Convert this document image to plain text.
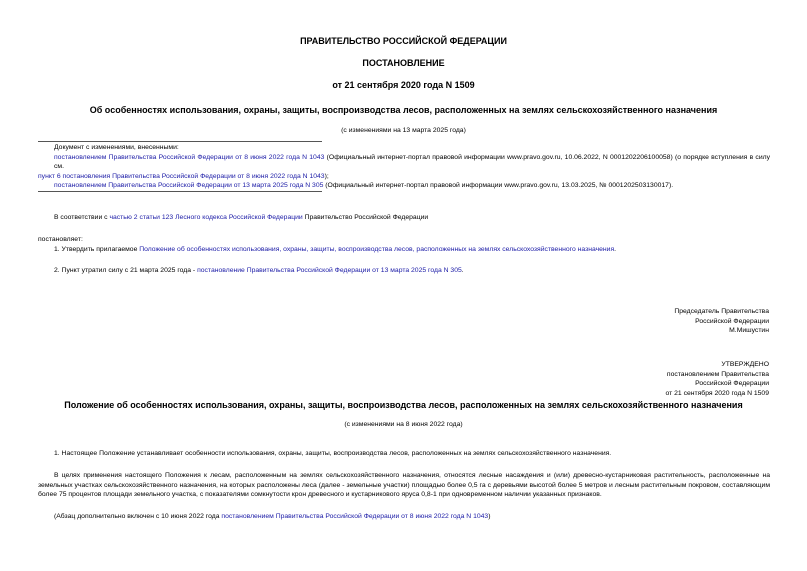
ПРАВИТЕЛЬСТВО РОССИЙСКОЙ ФЕДЕРАЦИИ
ПОСТАНОВЛЕНИЕ
от 21 сентября 2020 года N 1509
Об особенностях использования, охраны, защиты, воспроизводства лесов, расположенных на землях сельскохозяйственного назначения
(с изменениями на 13 марта 2025 года)
Документ с изменениями, внесенными:
постановлением Правительства Российской Федерации от 8 июня 2022 года N 1043 (Официальный интернет-портал правовой информации www.pravo.gov.ru, 10.06.2022, N 0001202206100058) (о порядке вступления в силу см.
пункт 6 постановления Правительства Российской Федерации от 8 июня 2022 года N 1043);
постановлением Правительства Российской Федерации от 13 марта 2025 года N 305 (Официальный интернет-портал правовой информации www.pravo.gov.ru, 13.03.2025, № 0001202503130017).
В соответствии с частью 2 статьи 123 Лесного кодекса Российской Федерации Правительство Российской Федерации
постановляет:
1. Утвердить прилагаемое Положение об особенностях использования, охраны, защиты, воспроизводства лесов, расположенных на землях сельскохозяйственного назначения.
2. Пункт утратил силу с 21 марта 2025 года - постановление Правительства Российской Федерации от 13 марта 2025 года N 305.
Председатель Правительства
Российской Федерации
М.Мишустин
УТВЕРЖДЕНО
постановлением Правительства
Российской Федерации
от 21 сентября 2020 года N 1509
Положение об особенностях использования, охраны, защиты, воспроизводства лесов, расположенных на землях сельскохозяйственного назначения
(с изменениями на 8 июня 2022 года)
1. Настоящее Положение устанавливает особенности использования, охраны, защиты, воспроизводства лесов, расположенных на землях сельскохозяйственного назначения.
В целях применения настоящего Положения к лесам, расположенным на землях сельскохозяйственного назначения, относятся лесные насаждения и (или) древесно-кустарниковая растительность, расположенные на земельных участках сельскохозяйственного назначения, на которых расположены леса (далее - земельные участки) площадью более 0,5 га с деревьями высотой более 5 метров и лесным растительным покровом, составляющим более 75 процентов площади земельного участка, с показателями сомкнутости крон древесного и кустарникового яруса 0,8-1 при одновременном наличии указанных признаков.
(Абзац дополнительно включен с 10 июня 2022 года постановлением Правительства Российской Федерации от 8 июня 2022 года N 1043)
